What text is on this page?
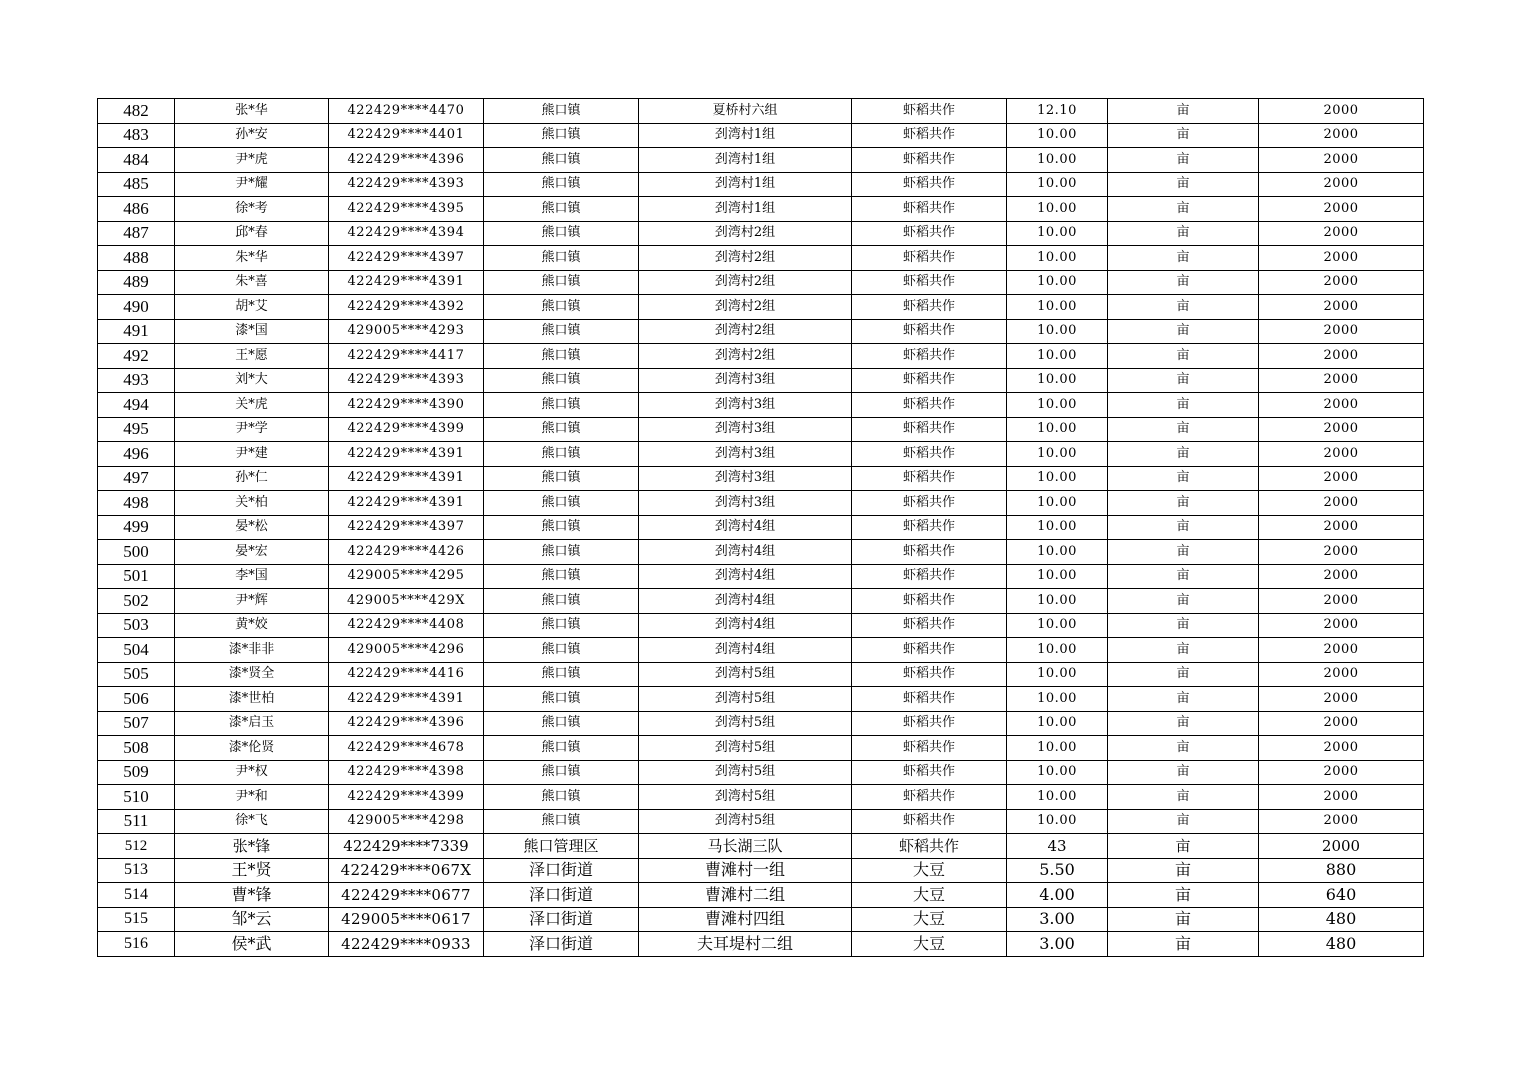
482	张*华	422429****4470	熊口镇	夏桥村六组	虾稻共作	12.10	亩	2000
483	孙*安	422429****4401	熊口镇	刭湾村1组	虾稻共作	10.00	亩	2000
484	尹*虎	422429****4396	熊口镇	刭湾村1组	虾稻共作	10.00	亩	2000
485	尹*耀	422429****4393	熊口镇	刭湾村1组	虾稻共作	10.00	亩	2000
486	徐*考	422429****4395	熊口镇	刭湾村1组	虾稻共作	10.00	亩	2000
487	邱*春	422429****4394	熊口镇	刭湾村2组	虾稻共作	10.00	亩	2000
488	朱*华	422429****4397	熊口镇	刭湾村2组	虾稻共作	10.00	亩	2000
489	朱*喜	422429****4391	熊口镇	刭湾村2组	虾稻共作	10.00	亩	2000
490	胡*艾	422429****4392	熊口镇	刭湾村2组	虾稻共作	10.00	亩	2000
491	漆*国	429005****4293	熊口镇	刭湾村2组	虾稻共作	10.00	亩	2000
492	王*愿	422429****4417	熊口镇	刭湾村2组	虾稻共作	10.00	亩	2000
493	刘*大	422429****4393	熊口镇	刭湾村3组	虾稻共作	10.00	亩	2000
494	关*虎	422429****4390	熊口镇	刭湾村3组	虾稻共作	10.00	亩	2000
495	尹*学	422429****4399	熊口镇	刭湾村3组	虾稻共作	10.00	亩	2000
496	尹*建	422429****4391	熊口镇	刭湾村3组	虾稻共作	10.00	亩	2000
497	孙*仁	422429****4391	熊口镇	刭湾村3组	虾稻共作	10.00	亩	2000
498	关*柏	422429****4391	熊口镇	刭湾村3组	虾稻共作	10.00	亩	2000
499	晏*松	422429****4397	熊口镇	刭湾村4组	虾稻共作	10.00	亩	2000
500	晏*宏	422429****4426	熊口镇	刭湾村4组	虾稻共作	10.00	亩	2000
501	李*国	429005****4295	熊口镇	刭湾村4组	虾稻共作	10.00	亩	2000
502	尹*辉	429005****429X	熊口镇	刭湾村4组	虾稻共作	10.00	亩	2000
503	黄*姣	422429****4408	熊口镇	刭湾村4组	虾稻共作	10.00	亩	2000
504	漆*非非	429005****4296	熊口镇	刭湾村4组	虾稻共作	10.00	亩	2000
505	漆*贤全	422429****4416	熊口镇	刭湾村5组	虾稻共作	10.00	亩	2000
506	漆*世柏	422429****4391	熊口镇	刭湾村5组	虾稻共作	10.00	亩	2000
507	漆*启玉	422429****4396	熊口镇	刭湾村5组	虾稻共作	10.00	亩	2000
508	漆*伦贤	422429****4678	熊口镇	刭湾村5组	虾稻共作	10.00	亩	2000
509	尹*权	422429****4398	熊口镇	刭湾村5组	虾稻共作	10.00	亩	2000
510	尹*和	422429****4399	熊口镇	刭湾村5组	虾稻共作	10.00	亩	2000
511	徐*飞	429005****4298	熊口镇	刭湾村5组	虾稻共作	10.00	亩	2000
512	张*锋	422429****7339	熊口管理区	马长湖三队	虾稻共作	43	亩	2000
513	王*贤	422429****067X	泽口街道	曹滩村一组	大豆	5.50	亩	880
514	曹*锋	422429****0677	泽口街道	曹滩村二组	大豆	4.00	亩	640
515	邹*云	429005****0617	泽口街道	曹滩村四组	大豆	3.00	亩	480
516	侯*武	422429****0933	泽口街道	夫耳堤村二组	大豆	3.00	亩	480
